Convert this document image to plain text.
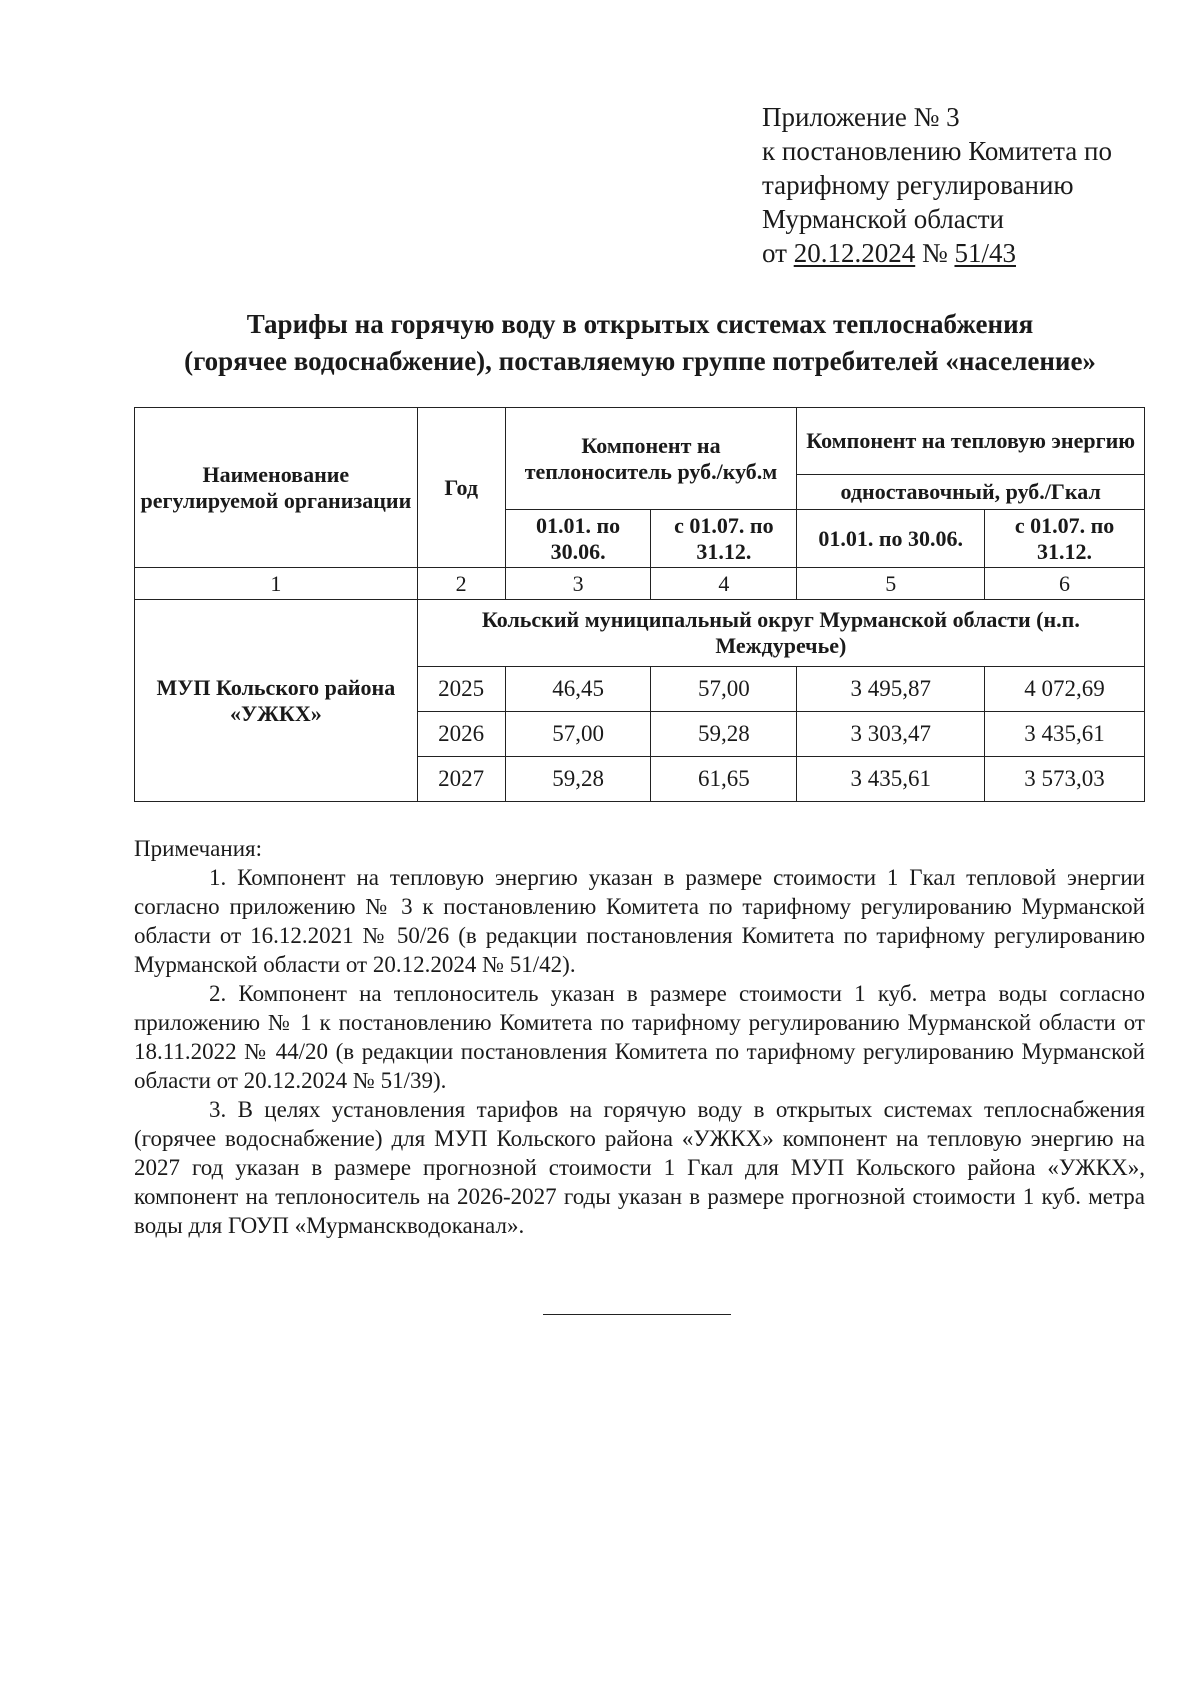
Приложение № 3
к постановлению Комитета по
тарифному регулированию
Мурманской области
от 20.12.2024 № 51/43
Тарифы на горячую воду в открытых системах теплоснабжения
(горячее водоснабжение), поставляемую группе потребителей «население»
Наименование регулируемой организации	Год	Компонент на теплоноситель руб./куб.м		Компонент на тепловую энергию	
				одноставочный, руб./Гкал	
		01.01. по 30.06.	с 01.07. по 31.12.	01.01. по 30.06.	с 01.07. по 31.12.
1	2	3	4	5	6
МУП Кольского района «УЖКХ»	Кольский муниципальный округ Мурманской области (н.п. Междуречье)				
	2025	46,45	57,00	3 495,87	4 072,69
	2026	57,00	59,28	3 303,47	3 435,61
	2027	59,28	61,65	3 435,61	3 573,03

Примечания:

1. Компонент на тепловую энергию указан в размере стоимости 1 Гкал тепловой энергии согласно приложению № 3 к постановлению Комитета по тарифному регулированию Мурманской области от 16.12.2021 № 50/26 (в редакции постановления Комитета по тарифному регулированию Мурманской области от 20.12.2024 № 51/42).

2. Компонент на теплоноситель указан в размере стоимости 1 куб. метра воды согласно приложению № 1 к постановлению Комитета по тарифному регулированию Мурманской области от 18.11.2022 № 44/20 (в редакции постановления Комитета по тарифному регулированию Мурманской области от 20.12.2024 № 51/39).

3. В целях установления тарифов на горячую воду в открытых системах теплоснабжения (горячее водоснабжение) для МУП Кольского района «УЖКХ» компонент на тепловую энергию на 2027 год указан в размере прогнозной стоимости 1 Гкал для МУП Кольского района «УЖКХ», компонент на теплоноситель на 2026-2027 годы указан в размере прогнозной стоимости 1 куб. метра воды для ГОУП «Мурманскводоканал».
